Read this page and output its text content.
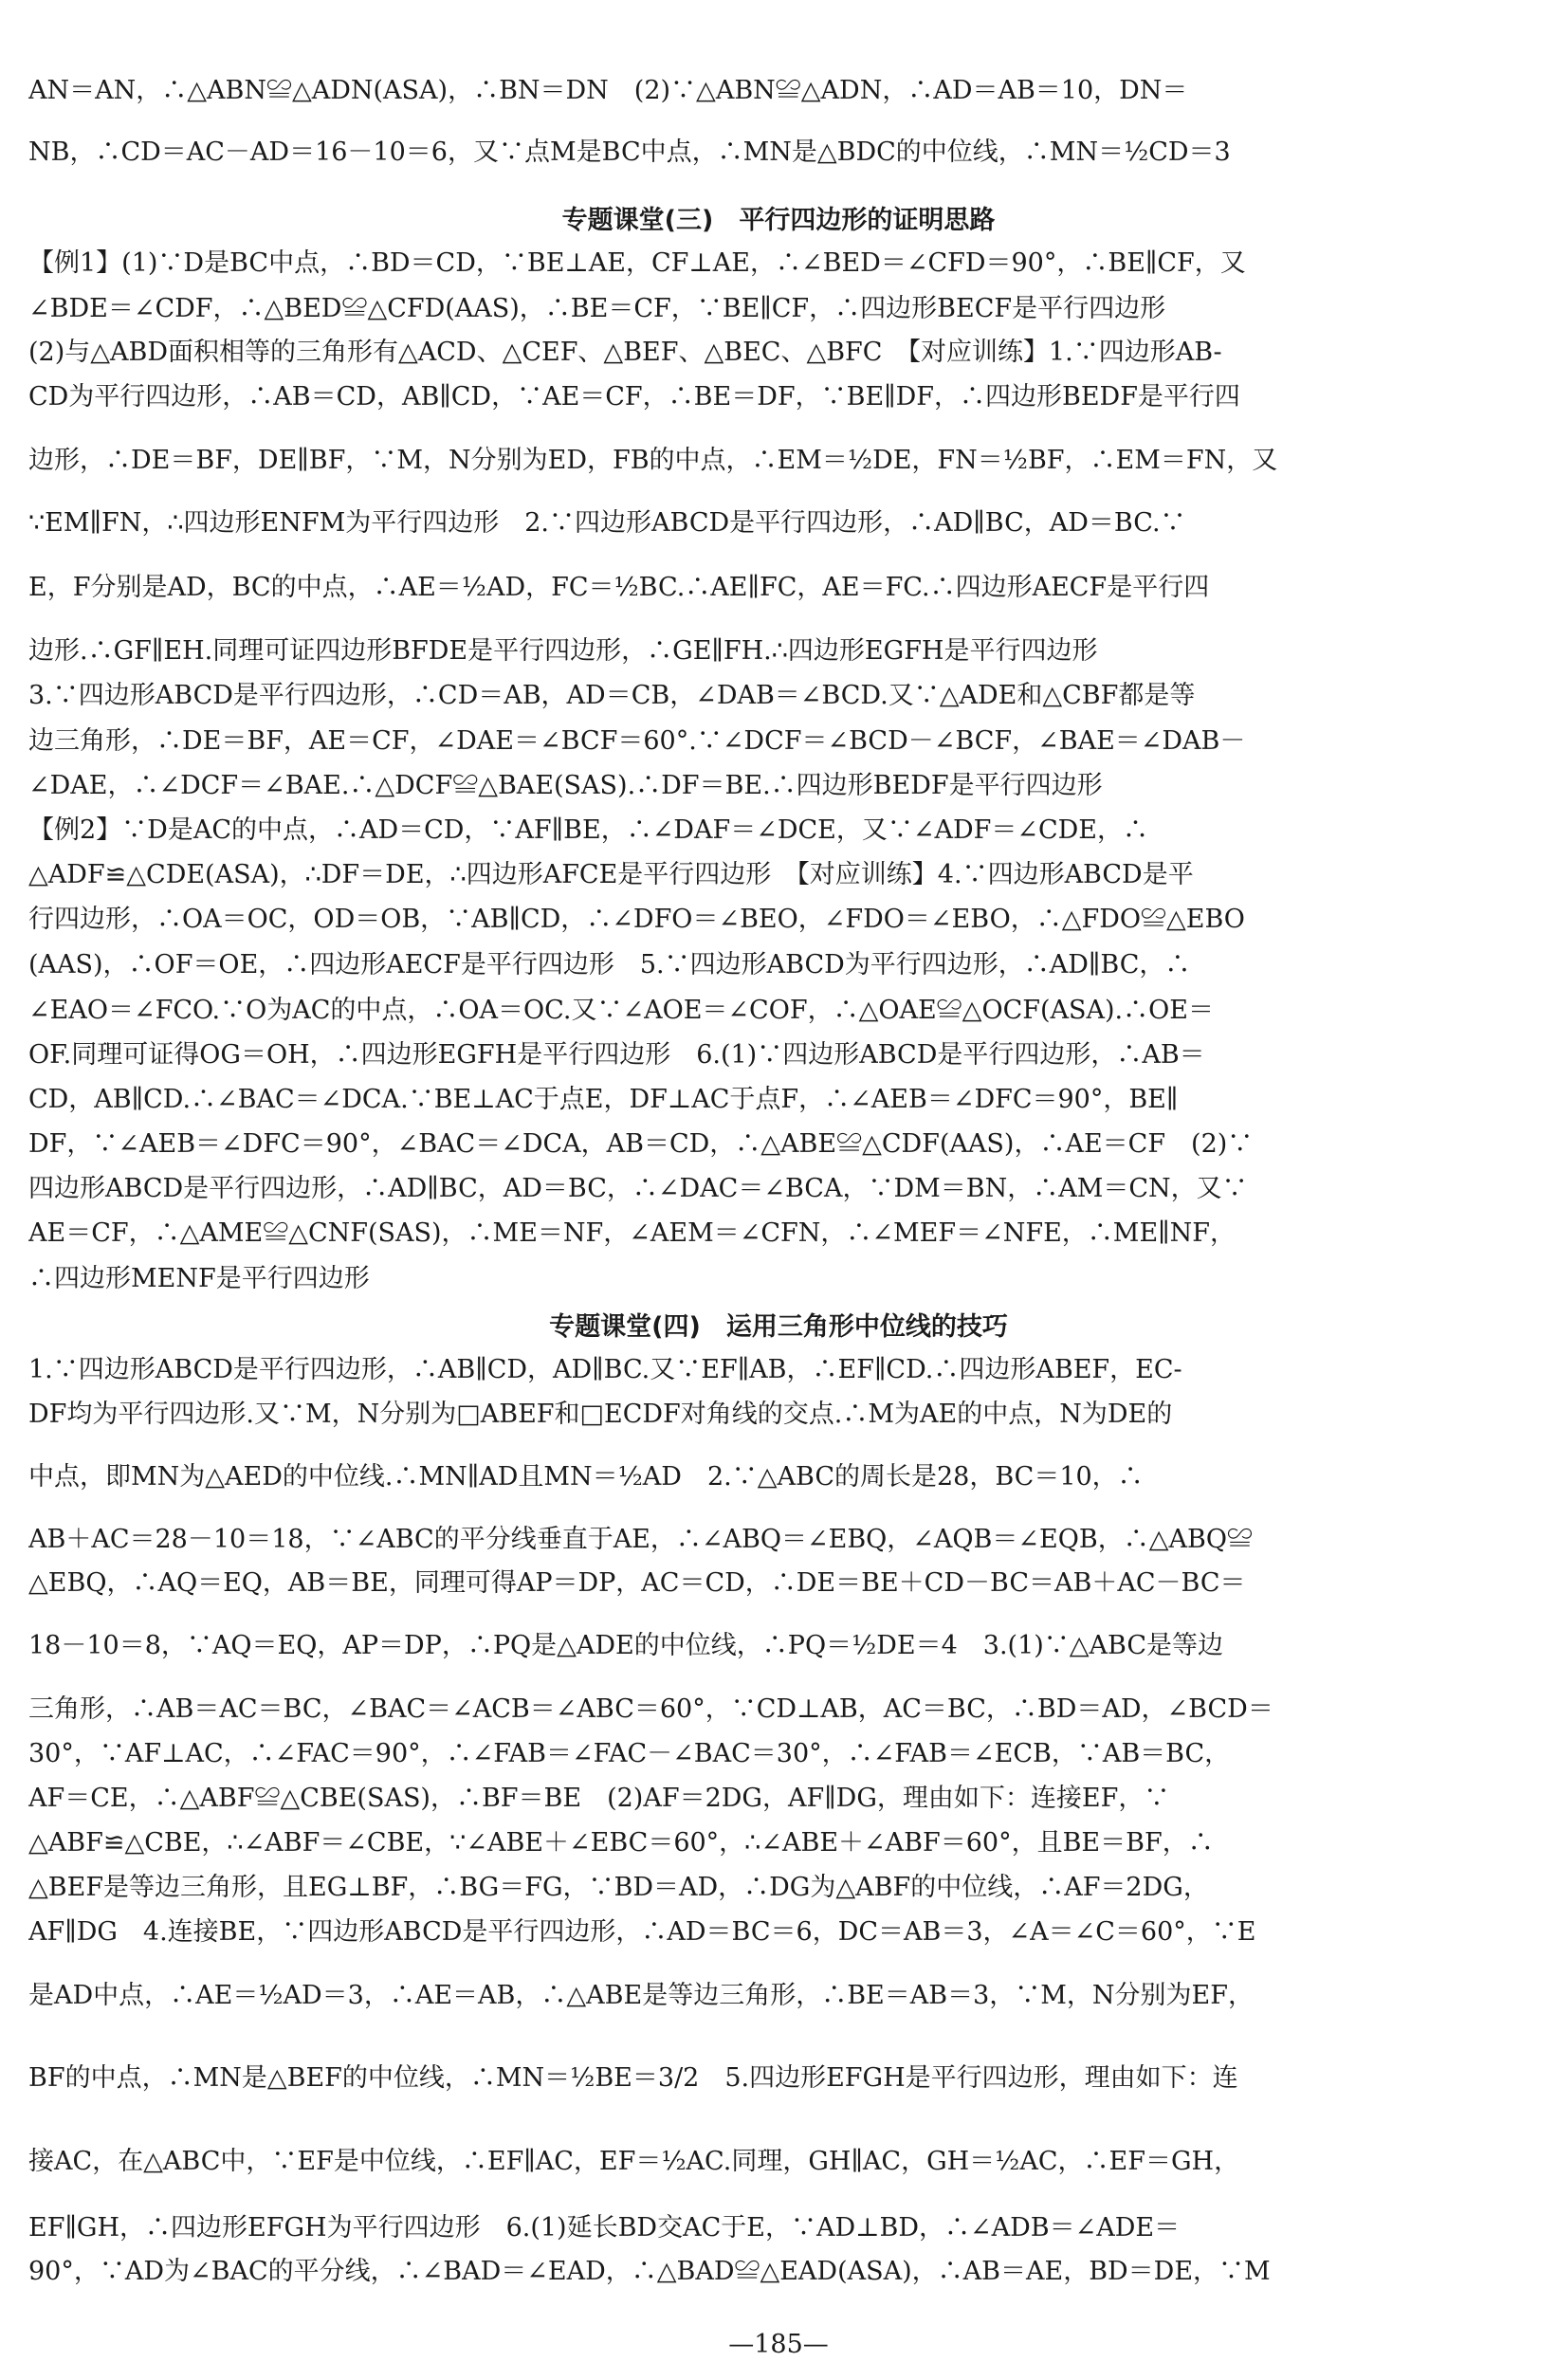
AN＝AN，∴△ABN≌△ADN(ASA)，∴BN＝DN　(2)∵△ABN≌△ADN，∴AD＝AB＝10，DN＝
NB，∴CD＝AC－AD＝16－10＝6，又∵点M是BC中点，∴MN是△BDC的中位线，∴MN＝½CD＝3
专题课堂(三)　平行四边形的证明思路
【例1】(1)∵D是BC中点，∴BD＝CD，∵BE⊥AE，CF⊥AE，∴∠BED＝∠CFD＝90°，∴BE∥CF，又
∠BDE＝∠CDF，∴△BED≌△CFD(AAS)，∴BE＝CF，∵BE∥CF，∴四边形BECF是平行四边形
(2)与△ABD面积相等的三角形有△ACD、△CEF、△BEF、△BEC、△BFC　【对应训练】1.∵四边形AB-
CD为平行四边形，∴AB＝CD，AB∥CD，∵AE＝CF，∴BE＝DF，∵BE∥DF，∴四边形BEDF是平行四
边形，∴DE＝BF，DE∥BF，∵M，N分别为ED，FB的中点，∴EM＝½DE，FN＝½BF，∴EM＝FN，又
∵EM∥FN，∴四边形ENFM为平行四边形　2.∵四边形ABCD是平行四边形，∴AD∥BC，AD＝BC.∵
E，F分别是AD，BC的中点，∴AE＝½AD，FC＝½BC.∴AE∥FC，AE＝FC.∴四边形AECF是平行四
边形.∴GF∥EH.同理可证四边形BFDE是平行四边形，∴GE∥FH.∴四边形EGFH是平行四边形
3.∵四边形ABCD是平行四边形，∴CD＝AB，AD＝CB，∠DAB＝∠BCD.又∵△ADE和△CBF都是等
边三角形，∴DE＝BF，AE＝CF，∠DAE＝∠BCF＝60°.∵∠DCF＝∠BCD－∠BCF，∠BAE＝∠DAB－
∠DAE，∴∠DCF＝∠BAE.∴△DCF≌△BAE(SAS).∴DF＝BE.∴四边形BEDF是平行四边形
【例2】∵D是AC的中点，∴AD＝CD，∵AF∥BE，∴∠DAF＝∠DCE，又∵∠ADF＝∠CDE，∴
△ADF≌△CDE(ASA)，∴DF＝DE，∴四边形AFCE是平行四边形　【对应训练】4.∵四边形ABCD是平
行四边形，∴OA＝OC，OD＝OB，∵AB∥CD，∴∠DFO＝∠BEO，∠FDO＝∠EBO，∴△FDO≌△EBO
(AAS)，∴OF＝OE，∴四边形AECF是平行四边形　5.∵四边形ABCD为平行四边形，∴AD∥BC，∴
∠EAO＝∠FCO.∵O为AC的中点，∴OA＝OC.又∵∠AOE＝∠COF，∴△OAE≌△OCF(ASA).∴OE＝
OF.同理可证得OG＝OH，∴四边形EGFH是平行四边形　6.(1)∵四边形ABCD是平行四边形，∴AB＝
CD，AB∥CD.∴∠BAC＝∠DCA.∵BE⊥AC于点E，DF⊥AC于点F，∴∠AEB＝∠DFC＝90°，BE∥
DF，∵∠AEB＝∠DFC＝90°，∠BAC＝∠DCA，AB＝CD，∴△ABE≌△CDF(AAS)，∴AE＝CF　(2)∵
四边形ABCD是平行四边形，∴AD∥BC，AD＝BC，∴∠DAC＝∠BCA，∵DM＝BN，∴AM＝CN，又∵
AE＝CF，∴△AME≌△CNF(SAS)，∴ME＝NF，∠AEM＝∠CFN，∴∠MEF＝∠NFE，∴ME∥NF，
∴四边形MENF是平行四边形
专题课堂(四)　运用三角形中位线的技巧
1.∵四边形ABCD是平行四边形，∴AB∥CD，AD∥BC.又∵EF∥AB，∴EF∥CD.∴四边形ABEF，EC-
DF均为平行四边形.又∵M，N分别为□ABEF和□ECDF对角线的交点.∴M为AE的中点，N为DE的
中点，即MN为△AED的中位线.∴MN∥AD且MN＝½AD　2.∵△ABC的周长是28，BC＝10，∴
AB＋AC＝28－10＝18，∵∠ABC的平分线垂直于AE，∴∠ABQ＝∠EBQ，∠AQB＝∠EQB，∴△ABQ≌
△EBQ，∴AQ＝EQ，AB＝BE，同理可得AP＝DP，AC＝CD，∴DE＝BE＋CD－BC＝AB＋AC－BC＝
18－10＝8，∵AQ＝EQ，AP＝DP，∴PQ是△ADE的中位线，∴PQ＝½DE＝4　3.(1)∵△ABC是等边
三角形，∴AB＝AC＝BC，∠BAC＝∠ACB＝∠ABC＝60°，∵CD⊥AB，AC＝BC，∴BD＝AD，∠BCD＝
30°，∵AF⊥AC，∴∠FAC＝90°，∴∠FAB＝∠FAC－∠BAC＝30°，∴∠FAB＝∠ECB，∵AB＝BC，
AF＝CE，∴△ABF≌△CBE(SAS)，∴BF＝BE　(2)AF＝2DG，AF∥DG，理由如下：连接EF，∵
△ABF≌△CBE，∴∠ABF＝∠CBE，∵∠ABE＋∠EBC＝60°，∴∠ABE＋∠ABF＝60°，且BE＝BF，∴
△BEF是等边三角形，且EG⊥BF，∴BG＝FG，∵BD＝AD，∴DG为△ABF的中位线，∴AF＝2DG，
AF∥DG　4.连接BE，∵四边形ABCD是平行四边形，∴AD＝BC＝6，DC＝AB＝3，∠A＝∠C＝60°，∵E
是AD中点，∴AE＝½AD＝3，∴AE＝AB，∴△ABE是等边三角形，∴BE＝AB＝3，∵M，N分别为EF，
BF的中点，∴MN是△BEF的中位线，∴MN＝½BE＝3/2　5.四边形EFGH是平行四边形，理由如下：连
接AC，在△ABC中，∵EF是中位线，∴EF∥AC，EF＝½AC.同理，GH∥AC，GH＝½AC，∴EF＝GH，
EF∥GH，∴四边形EFGH为平行四边形　6.(1)延长BD交AC于E，∵AD⊥BD，∴∠ADB＝∠ADE＝
90°，∵AD为∠BAC的平分线，∴∠BAD＝∠EAD，∴△BAD≌△EAD(ASA)，∴AB＝AE，BD＝DE，∵M
—185—
